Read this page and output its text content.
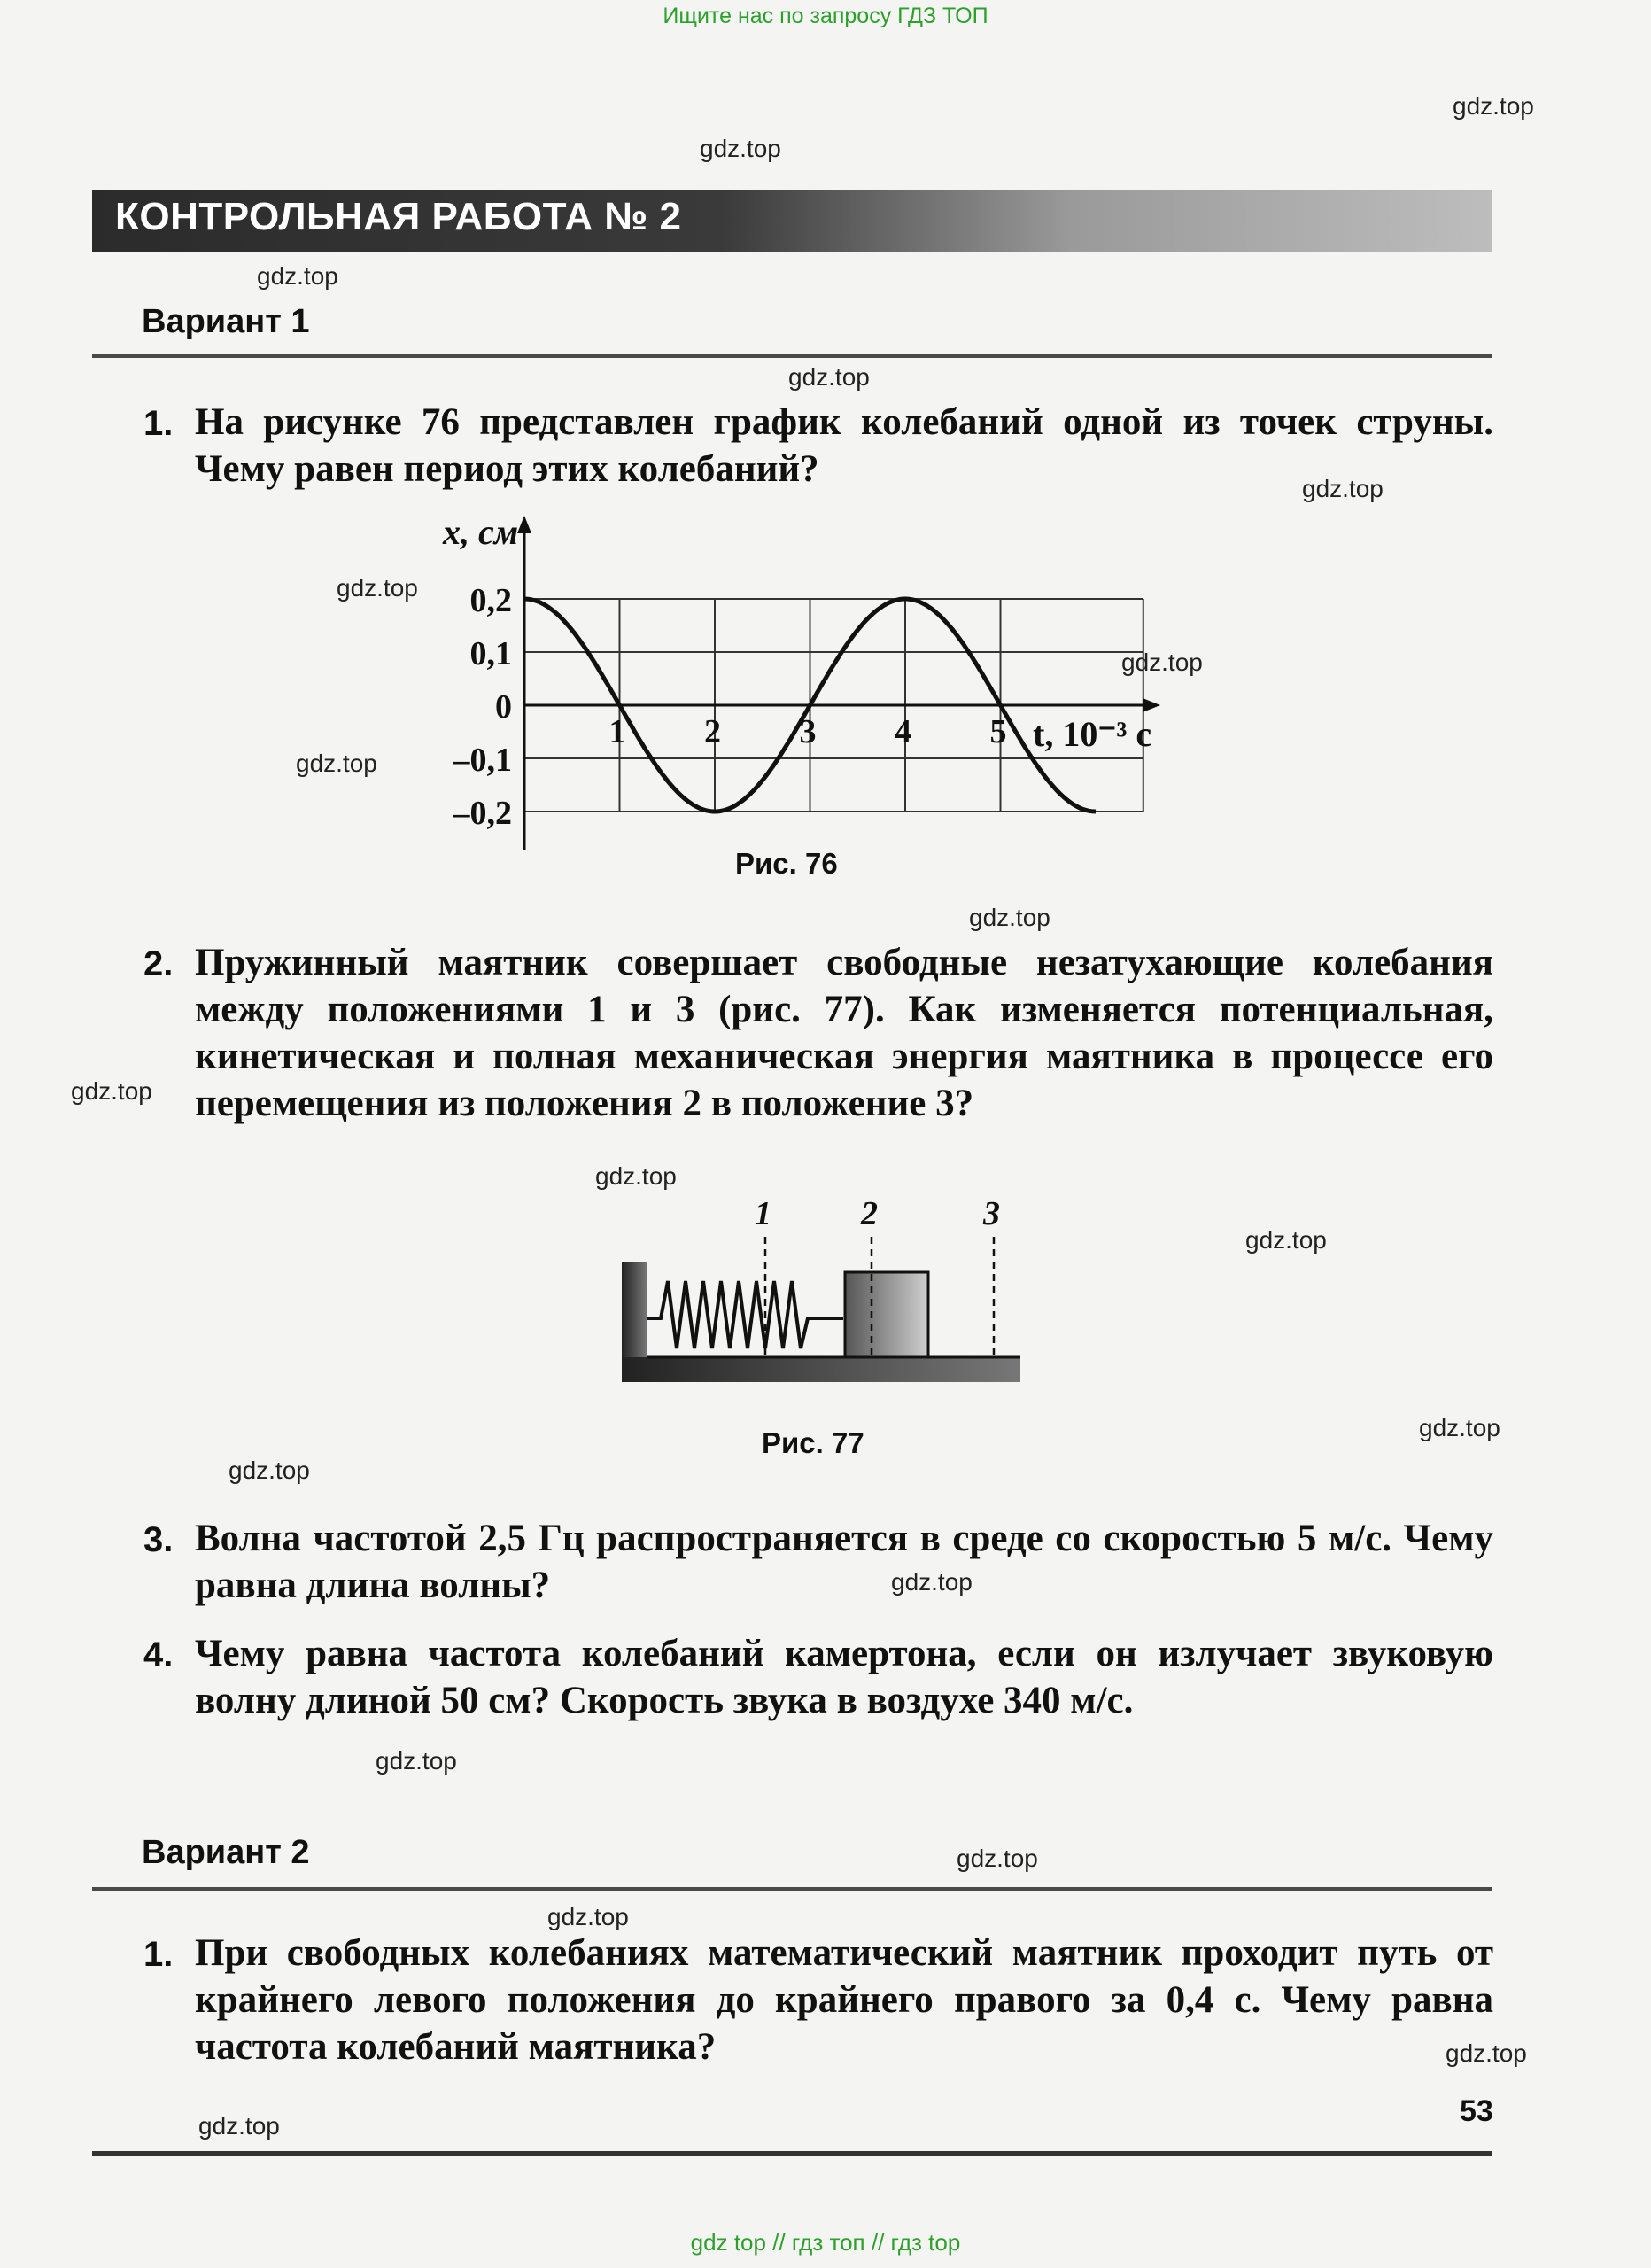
Ищите нас по запросу ГДЗ ТОП
gdz.top
gdz.top
gdz.top
gdz.top
gdz.top
gdz.top
gdz.top
gdz.top
gdz.top
gdz.top
gdz.top
gdz.top
gdz.top
gdz.top
gdz.top
gdz.top
gdz.top
gdz.top
gdz.top
gdz.top
КОНТРОЛЬНАЯ РАБОТА № 2
Вариант 1
1. На рисунке 76 представлен график колебаний одной из точек струны. Чему равен период этих колебаний?
1 2 3 4 5
0,2
0,1
0
–0,1
–0,2
x, см
t, 10⁻³ с
Рис. 76
2. Пружинный маятник совершает свободные незатухающие колебания между положениями 1 и 3 (рис. 77). Как изменяется потенциальная, кинетическая и полная механическая энергия маятника в процессе его перемещения из положения 2 в положение 3?
1	2	3
Рис. 77
3. Волна частотой 2,5 Гц распространяется в среде со скоростью 5 м/с. Чему равна длина волны?
4. Чему равна частота колебаний камертона, если он излучает звуковую волну длиной 50 см? Скорость звука в воздухе 340 м/с.
Вариант 2
1. При свободных колебаниях математический маятник проходит путь от крайнего левого положения до крайнего правого за 0,4 с. Чему равна частота колебаний маятника?
53
gdz top // гдз топ // гдз top
